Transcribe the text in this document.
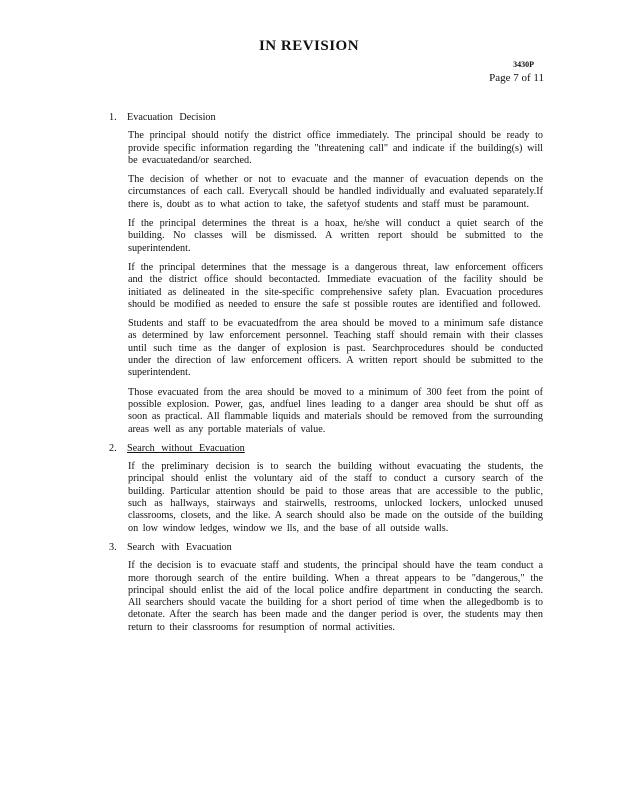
IN REVISION
3430P
Page 7 of 11
1.	Evacuation Decision

The principal should notify the district office immediately. The principal should be ready to provide specific information regarding the "threatening call" and indicate if the building(s) will be evacuatedand/or searched.

The decision of whether or not to evacuate and the manner of evacuation depends on the circumstances of each call. Everycall should be handled individually and evaluated separately.If there is, doubt as to what action to take, the safetyof students and staff must be paramount.

If the principal determines the threat is a hoax, he/she will conduct a quiet search of the building. No classes will be dismissed. A written report should be submitted to the superintendent.

If the principal determines that the message is a dangerous threat, law enforcement officers and the district office should becontacted. Immediate evacuation of the facility should be initiated as delineated in the site-specific comprehensive safety plan. Evacuation procedures should be modified as needed to ensure the safe st possible routes are identified and followed.

Students and staff to be evacuatedfrom the area should be moved to a minimum safe distance as determined by law enforcement personnel. Teaching staff should remain with their classes until such time as the danger of explosion is past. Searchprocedures should be conducted under the direction of law enforcement officers. A written report should be submitted to the superintendent.

Those evacuated from the area should be moved to a minimum of 300 feet from the point of possible explosion. Power, gas, andfuel lines leading to a danger area should be shut off as soon as practical. All flammable liquids and materials should be removed from the surrounding areas well as any portable materials of value.

2.	Search without Evacuation

If the preliminary decision is to search the building without evacuating the students, the principal should enlist the voluntary aid of the staff to conduct a cursory search of the building. Particular attention should be paid to those areas that are accessible to the public, such as hallways, stairways and stairwells, restrooms, unlocked lockers, unlocked unused classrooms, closets, and the like. A search should also be made on the outside of the building on low window ledges, window we lls, and the base of all outside walls.

3.	Search with Evacuation

If the decision is to evacuate staff and students, the principal should have the team conduct a more thorough search of the entire building. When a threat appears to be "dangerous," the principal should enlist the aid of the local police andfire department in conducting the search. All searchers should vacate the building for a short period of time when the allegedbomb is to detonate. After the search has been made and the danger period is over, the students may then return to their classrooms for resumption of normal activities.
